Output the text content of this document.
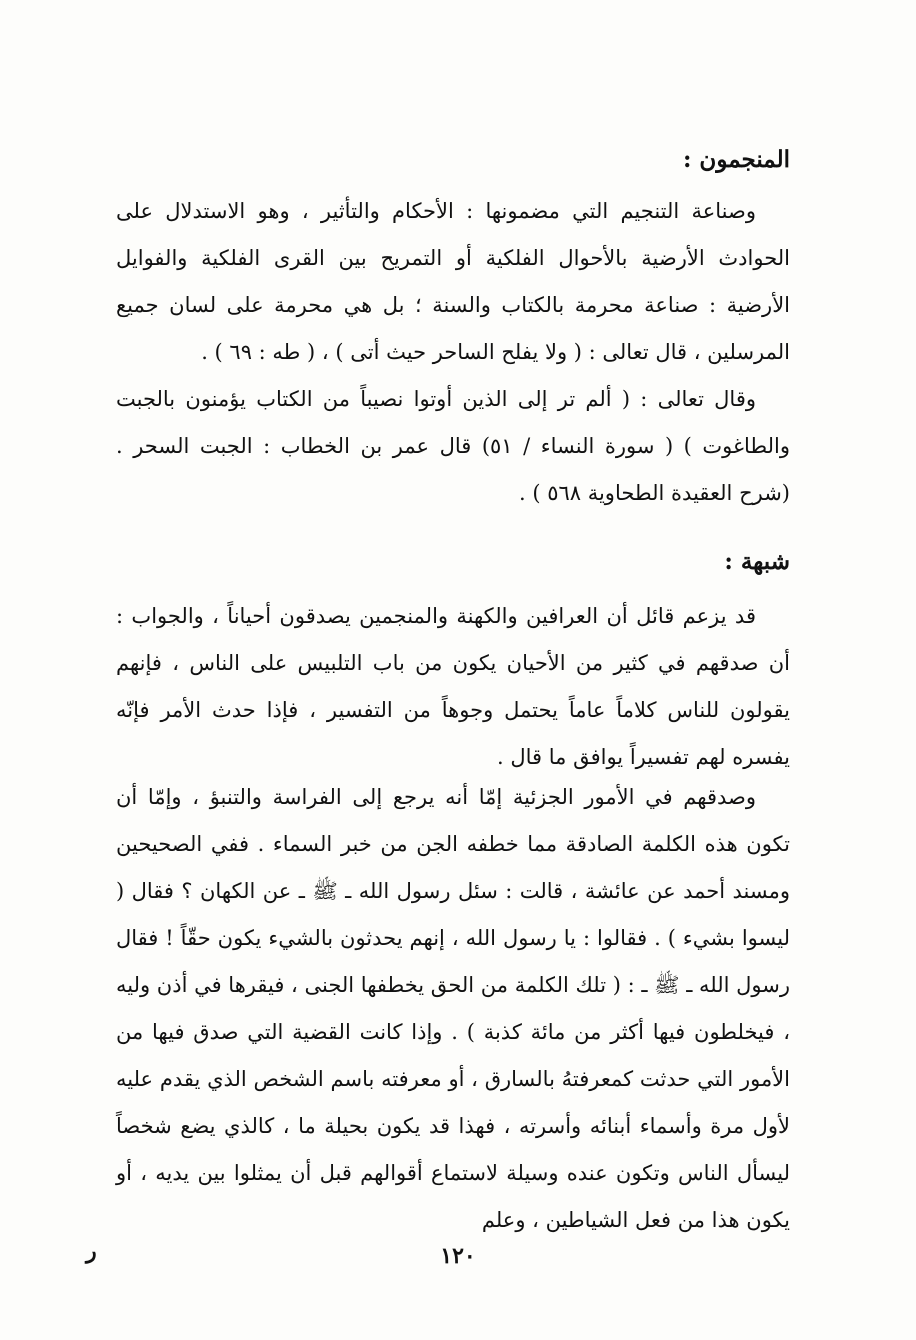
المنجمون :
وصناعة التنجيم التي مضمونها : الأحكام والتأثير ، وهو الاستدلال على الحوادث الأرضية بالأحوال الفلكية أو التمريح بين القرى الفلكية والفوايل الأرضية : صناعة محرمة بالكتاب والسنة ؛ بل هي محرمة على لسان جميع المرسلين ، قال تعالى : ( ولا يفلح الساحر حيث أتى ) ، ( طه : ٦٩ ) .
وقال تعالى : ( ألم تر إلى الذين أوتوا نصيباً من الكتاب يؤمنون بالجبت والطاغوت ) ( سورة النساء / ٥١) قال عمر بن الخطاب : الجبت السحر . (شرح العقيدة الطحاوية ٥٦٨ ) .
شبهة :
قد يزعم قائل أن العرافين والكهنة والمنجمين يصدقون أحياناً ، والجواب : أن صدقهم في كثير من الأحيان يكون من باب التلبيس على الناس ، فإنهم يقولون للناس كلاماً عاماً يحتمل وجوهاً من التفسير ، فإذا حدث الأمر فإنّه يفسره لهم تفسيراً يوافق ما قال .
وصدقهم في الأمور الجزئية إمّا أنه يرجع إلى الفراسة والتنبؤ ، وإمّا أن تكون هذه الكلمة الصادقة مما خطفه الجن من خبر السماء . ففي الصحيحين ومسند أحمد عن عائشة ، قالت : سئل رسول الله ـ ﷺ ـ عن الكهان ؟ فقال ( ليسوا بشيء ) . فقالوا : يا رسول الله ، إنهم يحدثون بالشيء يكون حقّاً ! فقال رسول الله ـ ﷺ ـ : ( تلك الكلمة من الحق يخطفها الجنى ، فيقرها في أذن وليه ، فيخلطون فيها أكثر من مائة كذبة ) . وإذا كانت القضية التي صدق فيها من الأمور التي حدثت كمعرفتهُ بالسارق ، أو معرفته باسم الشخص الذي يقدم عليه لأول مرة وأسماء أبنائه وأسرته ، فهذا قد يكون بحيلة ما ، كالذي يضع شخصاً ليسأل الناس وتكون عنده وسيلة لاستماع أقوالهم قبل أن يمثلوا بين يديه ، أو يكون هذا من فعل الشياطين ، وعلم
١٢٠
ر
